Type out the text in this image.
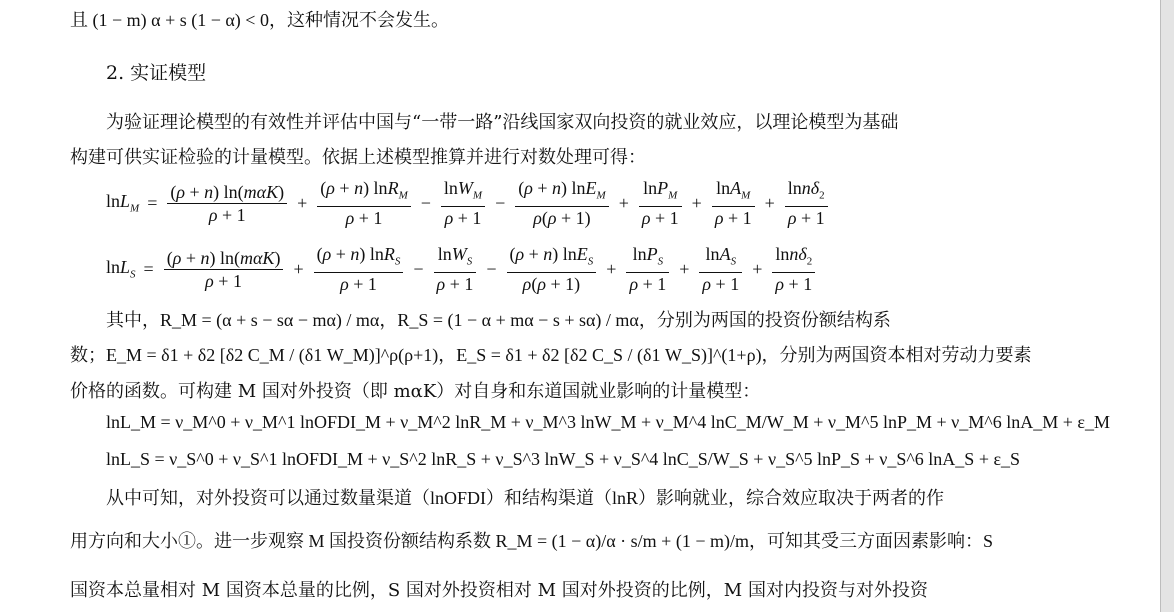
且 (1 − m) α + s (1 − α) < 0，这种情况不会发生。
2. 实证模型
为验证理论模型的有效性并评估中国与“一带一路”沿线国家双向投资的就业效应，以理论模型为基础
构建可供实证检验的计量模型。依据上述模型推算并进行对数处理可得：
$\ln L_M = \frac{\text{(ρ + n) ln(mαK)}}{\rho + 1} + \frac{(\rho + n) \ln R_M}{\rho + 1} - \frac{\ln W_M}{\rho + 1} - \frac{(\rho + n) \ln E_M}{\rho(\rho + 1)} + \frac{\ln P_M}{\rho + 1} + \frac{\ln A_M}{\rho + 1} + \frac{\ln n\delta_2}{\rho + 1}$
$\ln L_S = \frac{\text{(ρ + n) ln(mαK)}}{\rho + 1} + \frac{(\rho + n) \ln R_S}{\rho + 1} - \frac{\ln W_S}{\rho + 1} - \frac{(\rho + n) \ln E_S}{\rho(\rho + 1)} + \frac{\ln P_S}{\rho + 1} + \frac{\ln A_S}{\rho + 1} + \frac{\ln n\delta_2}{\rho + 1}$
其中，R_M = (α + s − sα − mα) / mα，R_S = (1 − α + mα − s + sα) / mα，分别为两国的投资份额结构系
数；E_M = δ1 + δ2 [δ2 C_M / (δ1 W_M)]^ρ(ρ+1)，E_S = δ1 + δ2 [δ2 C_S / (δ1 W_S)]^(1+ρ)，分别为两国资本相对劳动力要素
价格的函数。可构建 M 国对外投资（即 mαK）对自身和东道国就业影响的计量模型：
lnL_M = ν_M^0 + ν_M^1 lnOFDI_M + ν_M^2 lnR_M + ν_M^3 lnW_M + ν_M^4 lnC_M/W_M + ν_M^5 lnP_M + ν_M^6 lnA_M + ε_M
lnL_S = ν_S^0 + ν_S^1 lnOFDI_M + ν_S^2 lnR_S + ν_S^3 lnW_S + ν_S^4 lnC_S/W_S + ν_S^5 lnP_S + ν_S^6 lnA_S + ε_S
从中可知，对外投资可以通过数量渠道（lnOFDI）和结构渠道（lnR）影响就业，综合效应取决于两者的作
用方向和大小①。进一步观察 M 国投资份额结构系数 R_M = (1 − α)/α · s/m + (1 − m)/m，可知其受三方面因素影响：S
国资本总量相对 M 国资本总量的比例，S 国对外投资相对 M 国对外投资的比例，M 国对内投资与对外投资
